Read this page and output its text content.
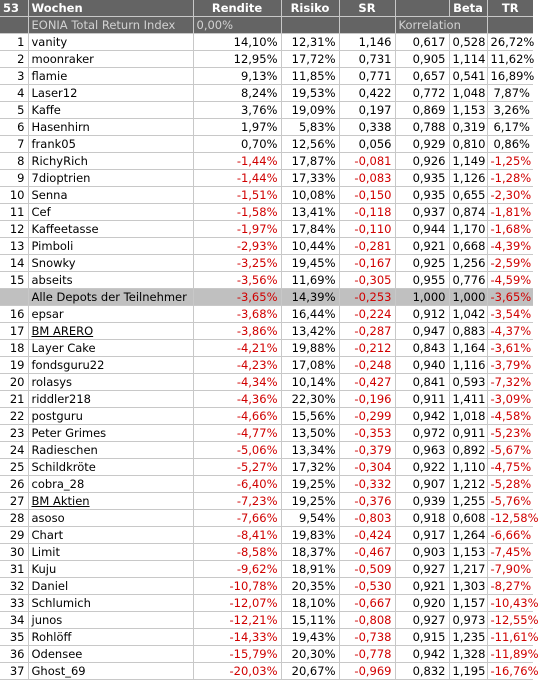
53	Wochen	Rendite	Risiko	SR		Beta	TR
	EONIA Total Return Index	0,00%			Korrelation		
1	vanity	14,10%	12,31%	1,146	0,617	0,528	26,72%
2	moonraker	12,95%	17,72%	0,731	0,905	1,114	11,62%
3	flamie	9,13%	11,85%	0,771	0,657	0,541	16,89%
4	Laser12	8,24%	19,53%	0,422	0,772	1,048	7,87%
5	Kaffe	3,76%	19,09%	0,197	0,869	1,153	3,26%
6	Hasenhirn	1,97%	5,83%	0,338	0,788	0,319	6,17%
7	frank05	0,70%	12,56%	0,056	0,929	0,810	0,86%
8	RichyRich	-1,44%	17,87%	-0,081	0,926	1,149	-1,25%
9	7dioptrien	-1,44%	17,33%	-0,083	0,935	1,126	-1,28%
10	Senna	-1,51%	10,08%	-0,150	0,935	0,655	-2,30%
11	Cef	-1,58%	13,41%	-0,118	0,937	0,874	-1,81%
12	Kaffeetasse	-1,97%	17,84%	-0,110	0,944	1,170	-1,68%
13	Pimboli	-2,93%	10,44%	-0,281	0,921	0,668	-4,39%
14	Snowky	-3,25%	19,45%	-0,167	0,925	1,256	-2,59%
15	abseits	-3,56%	11,69%	-0,305	0,955	0,776	-4,59%
	Alle Depots der Teilnehmer	-3,65%	14,39%	-0,253	1,000	1,000	-3,65%
16	epsar	-3,68%	16,44%	-0,224	0,912	1,042	-3,54%
17	BM ARERO	-3,86%	13,42%	-0,287	0,947	0,883	-4,37%
18	Layer Cake	-4,21%	19,88%	-0,212	0,843	1,164	-3,61%
19	fondsguru22	-4,23%	17,08%	-0,248	0,940	1,116	-3,79%
20	rolasys	-4,34%	10,14%	-0,427	0,841	0,593	-7,32%
21	riddler218	-4,36%	22,30%	-0,196	0,911	1,411	-3,09%
22	postguru	-4,66%	15,56%	-0,299	0,942	1,018	-4,58%
23	Peter Grimes	-4,77%	13,50%	-0,353	0,972	0,911	-5,23%
24	Radieschen	-5,06%	13,34%	-0,379	0,963	0,892	-5,67%
25	Schildkröte	-5,27%	17,32%	-0,304	0,922	1,110	-4,75%
26	cobra_28	-6,40%	19,25%	-0,332	0,907	1,212	-5,28%
27	BM Aktien	-7,23%	19,25%	-0,376	0,939	1,255	-5,76%
28	asoso	-7,66%	9,54%	-0,803	0,918	0,608	-12,58%
29	Chart	-8,41%	19,83%	-0,424	0,917	1,264	-6,66%
30	Limit	-8,58%	18,37%	-0,467	0,903	1,153	-7,45%
31	Kuju	-9,62%	18,91%	-0,509	0,927	1,217	-7,90%
32	Daniel	-10,78%	20,35%	-0,530	0,921	1,303	-8,27%
33	Schlumich	-12,07%	18,10%	-0,667	0,920	1,157	-10,43%
34	junos	-12,21%	15,11%	-0,808	0,927	0,973	-12,55%
35	Rohlöff	-14,33%	19,43%	-0,738	0,915	1,235	-11,61%
36	Odensee	-15,79%	20,30%	-0,778	0,942	1,328	-11,89%
37	Ghost_69	-20,03%	20,67%	-0,969	0,832	1,195	-16,76%
